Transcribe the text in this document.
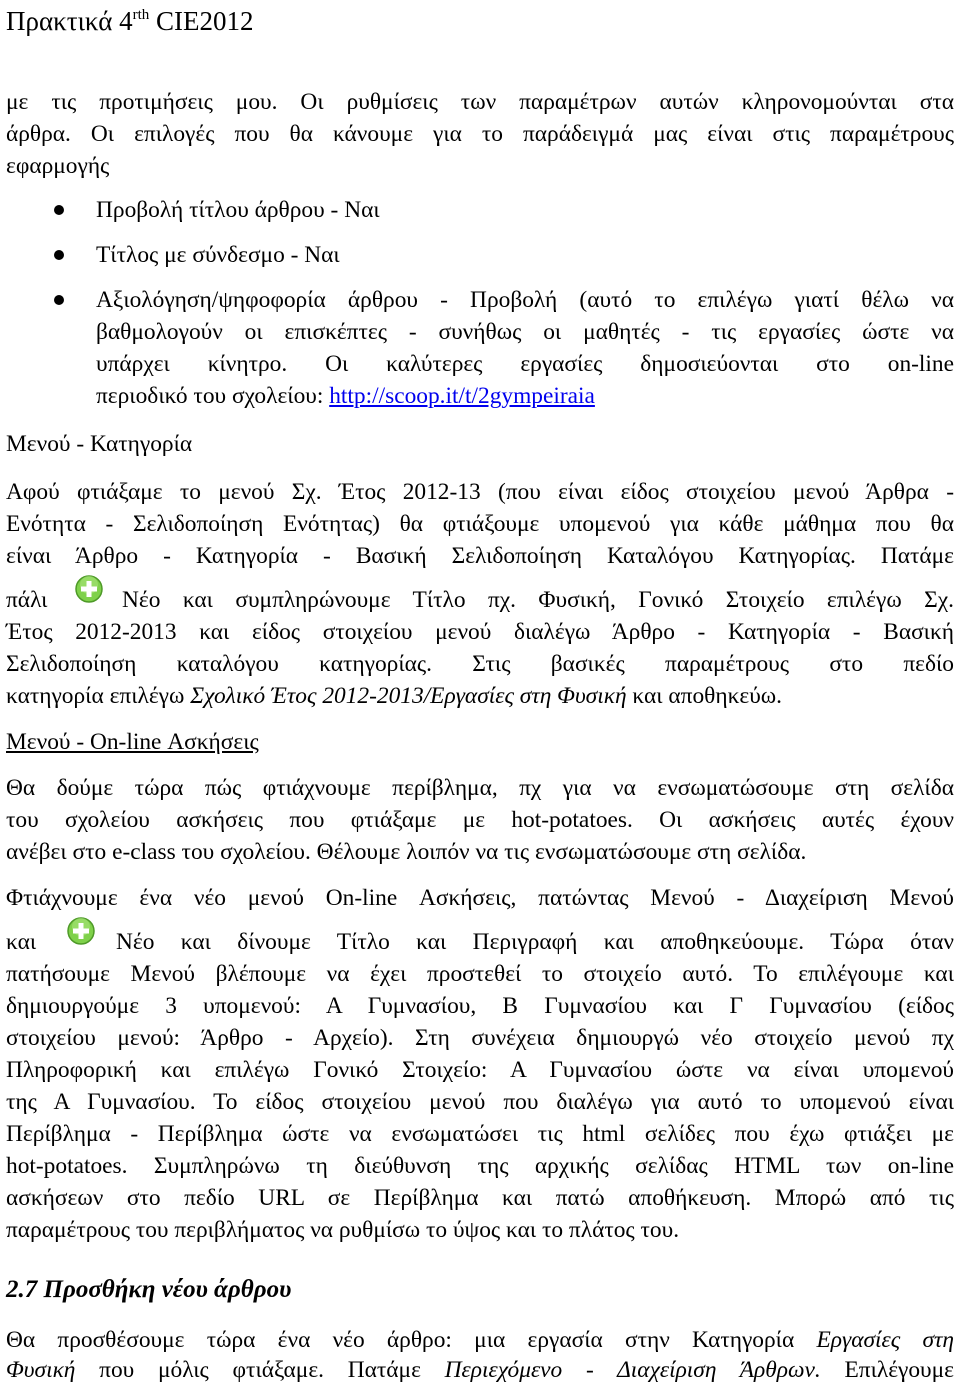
Πρακτικά $4^{rth}$ CIE2012
με τις προτιμήσεις μου. Οι ρυθμίσεις των παραμέτρων αυτών κληρονομούνται στα
άρθρα. Οι επιλογές που θα κάνουμε για το παράδειγμά μας είναι στις παραμέτρους
εφαρμογής
Προβολή τίτλου άρθρου - Ναι
Τίτλος με σύνδεσμο - Ναι
Αξιολόγηση/ψηφοφορία άρθρου - Προβολή (αυτό το επιλέγω γιατί θέλω να
βαθμολογούν οι επισκέπτες - συνήθως οι μαθητές - τις εργασίες ώστε να
υπάρχει κίνητρο. Οι καλύτερες εργασίες δημοσιεύονται στο on-line
περιοδικό του σχολείου: http://scoop.it/t/2gympeiraia
Μενού - Κατηγορία
Αφού φτιάξαμε το μενού Σχ. Έτος 2012-13 (που είναι είδος στοιχείου μενού Άρθρα -
Ενότητα - Σελιδοποίηση Ενότητας) θα φτιάξουμε υπομενού για κάθε μάθημα που θα
είναι Άρθρο - Κατηγορία - Βασική Σελιδοποίηση Καταλόγου Κατηγορίας. Πατάμε
πάλι	Νέο και συμπληρώνουμε Τίτλο πχ. Φυσική, Γονικό Στοιχείο επιλέγω Σχ.
Έτος 2012-2013 και είδος στοιχείου μενού διαλέγω Άρθρο - Κατηγορία - Βασική
Σελιδοποίηση καταλόγου κατηγορίας. Στις βασικές παραμέτρους στο πεδίο
κατηγορία επιλέγω Σχολικό Έτος 2012-2013/Εργασίες στη Φυσική και αποθηκεύω.
Μενού - On-line Ασκήσεις
Θα δούμε τώρα πώς φτιάχνουμε περίβλημα, πχ για να ενσωματώσουμε στη σελίδα
του σχολείου ασκήσεις που φτιάξαμε με hot-potatoes. Οι ασκήσεις αυτές έχουν
ανέβει στο e-class του σχολείου. Θέλουμε λοιπόν να τις ενσωματώσουμε στη σελίδα.
Φτιάχνουμε ένα νέο μενού On-line Ασκήσεις, πατώντας Μενού - Διαχείριση Μενού
και	Νέο και δίνουμε Τίτλο και Περιγραφή και αποθηκεύουμε. Τώρα όταν
πατήσουμε Μενού βλέπουμε να έχει προστεθεί το στοιχείο αυτό. Το επιλέγουμε και
δημιουργούμε 3 υπομενού: Α Γυμνασίου, Β Γυμνασίου και Γ Γυμνασίου (είδος
στοιχείου μενού: Άρθρο - Αρχείο). Στη συνέχεια δημιουργώ νέο στοιχείο μενού πχ
Πληροφορική και επιλέγω Γονικό Στοιχείο: Α Γυμνασίου ώστε να είναι υπομενού
της Α Γυμνασίου. Το είδος στοιχείου μενού που διαλέγω για αυτό το υπομενού είναι
Περίβλημα - Περίβλημα ώστε να ενσωματώσει τις html σελίδες που έχω φτιάξει με
hot-potatoes. Συμπληρώνω τη διεύθυνση της αρχικής σελίδας HTML των on-line
ασκήσεων στο πεδίο URL σε Περίβλημα και πατώ αποθήκευση. Μπορώ από τις
παραμέτρους του περιβλήματος να ρυθμίσω το ύψος και το πλάτος του.
2.7 Προσθήκη νέου άρθρου
Θα προσθέσουμε τώρα ένα νέο άρθρο: μια εργασία στην Κατηγορία Εργασίες στη
Φυσική που μόλις φτιάξαμε. Πατάμε Περιεχόμενο - Διαχείριση Άρθρων. Επιλέγουμε
